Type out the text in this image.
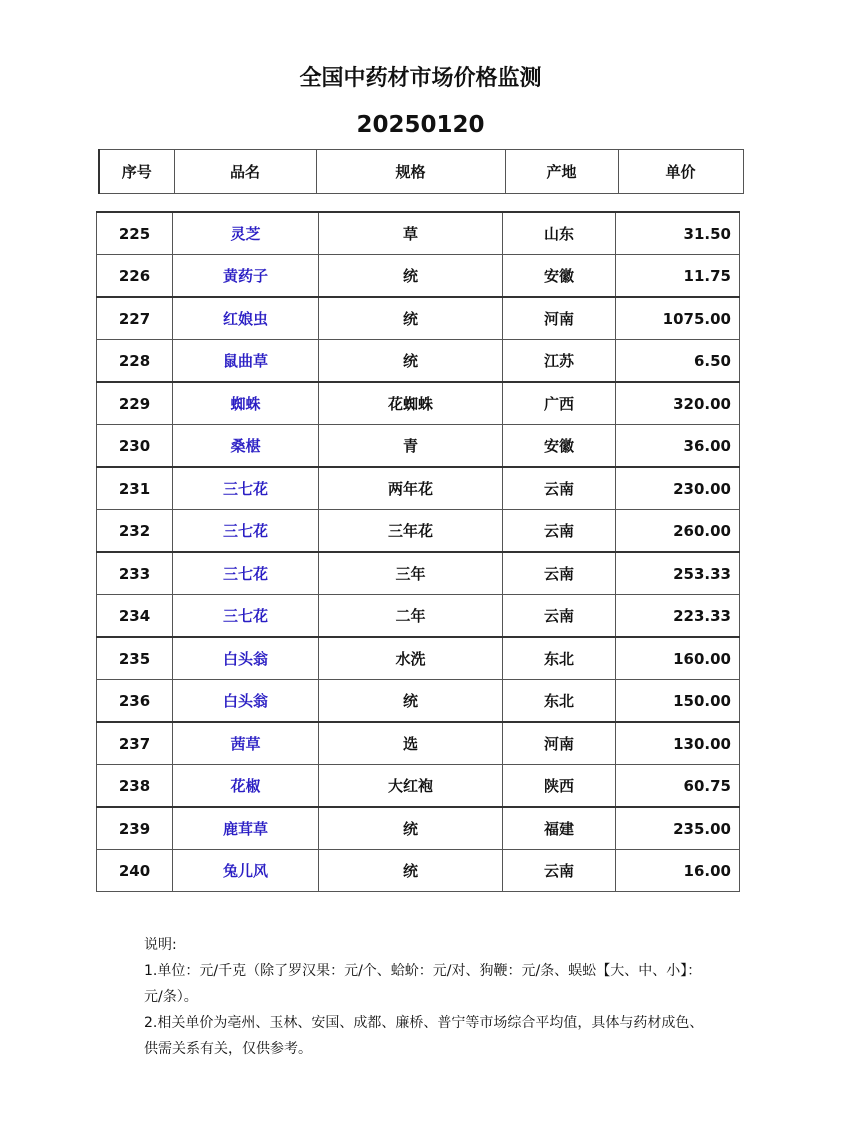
全国中药材市场价格监测
20250120
序号	品名	规格	产地	单价
225	灵芝	草	山东	31.50
226	黄药子	统	安徽	11.75
227	红娘虫	统	河南	1075.00
228	鼠曲草	统	江苏	6.50
229	蜘蛛	花蜘蛛	广西	320.00
230	桑椹	青	安徽	36.00
231	三七花	两年花	云南	230.00
232	三七花	三年花	云南	260.00
233	三七花	三年	云南	253.33
234	三七花	二年	云南	223.33
235	白头翁	水洗	东北	160.00
236	白头翁	统	东北	150.00
237	茜草	选	河南	130.00
238	花椒	大红袍	陕西	60.75
239	鹿茸草	统	福建	235.00
240	兔儿风	统	云南	16.00

说明:

1.单位：元/千克（除了罗汉果：元/个、蛤蚧：元/对、狗鞭：元/条、蜈蚣【大、中、小】：元/条）。

2.相关单价为亳州、玉林、安国、成都、廉桥、普宁等市场综合平均值，具体与药材成色、供需关系有关，仅供参考。
